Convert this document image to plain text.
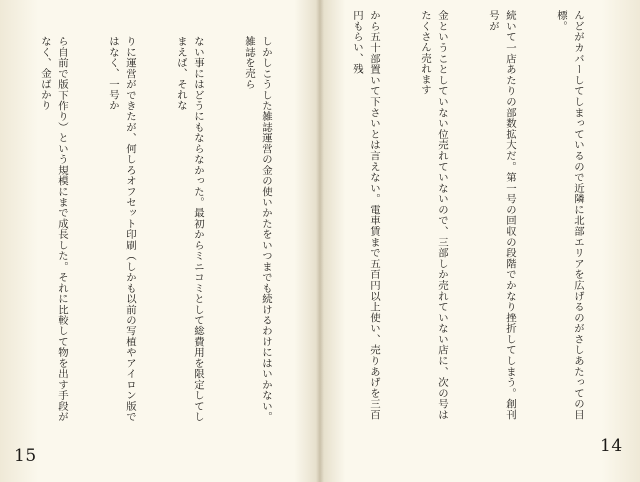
しかしこうした雑誌運営の金の使いかたをいつまでも続けるわけにはいかない。雑誌を売ら

ない事にはどうにもならなかった。最初からミニコミとして総費用を限定してしまえば、それな

りに運営ができたが、何しろオフセット印刷（しかも以前の写植やアイロン版ではなく、一号か

ら自前で版下作り）という規模にまで成長した。それに比較して物を出す手段がなく、金ばかり

15

んどがカバーしてしまっているので近隣に北部エリアを広げるのがさしあたっての目標。

続いて一店あたりの部数拡大だ。第一号の回収の段階でかなり挫折してしまう。創刊号が

金ということしていない位売れていないので、三部しか売れていない店に、次の号はたくさん売れます

から五十部置いて下さいとは言えない。電車賃まで五百円以上使い、売りあげを三百円もらい、残

14
